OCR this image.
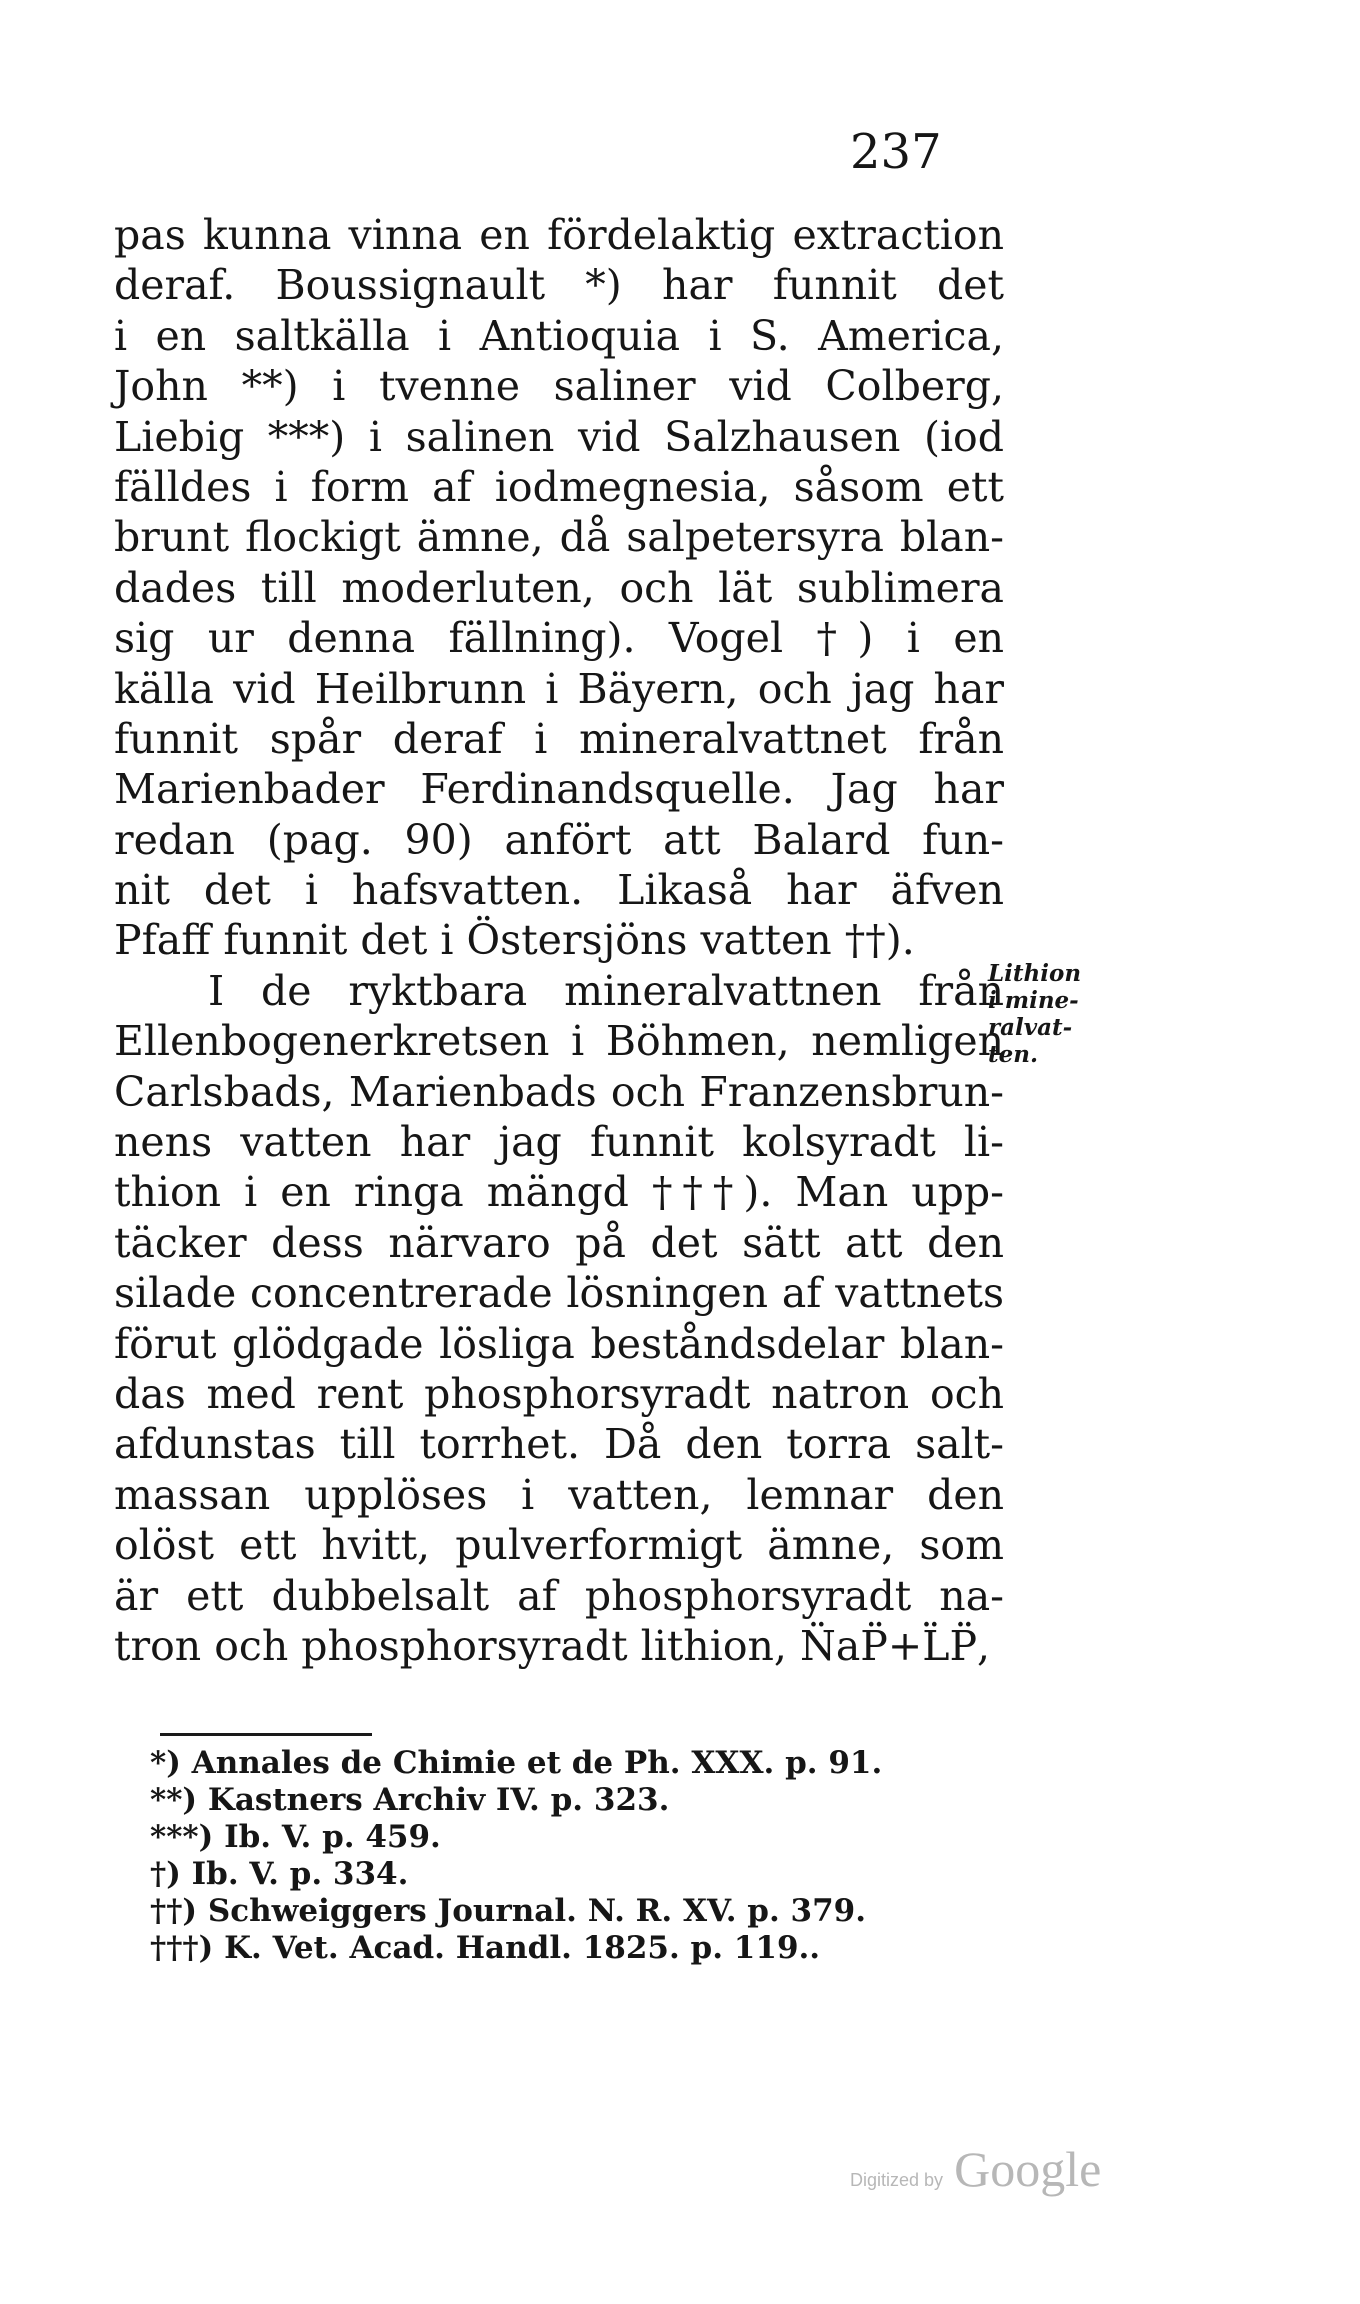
237
pas kunna vinna en fördelaktig extraction
deraf. Boussignault *) har funnit det
i en saltkälla i Antioquia i S. America,
John **) i tvenne saliner vid Colberg,
Liebig ***) i salinen vid Salzhausen (iod
fälldes i form af iodmegnesia, såsom ett
brunt flockigt ämne, då salpetersyra blan-
dades till moderluten, och lät sublimera
sig ur denna fällning). Vogel †) i en
källa vid Heilbrunn i Bäyern, och jag har
funnit spår deraf i mineralvattnet från
Marienbader Ferdinandsquelle. Jag har
redan (pag. 90) anfört att Balard fun-
nit det i hafsvatten. Likaså har äfven
Pfaff funnit det i Östersjöns vatten ††).
I de ryktbara mineralvattnen från
Ellenbogenerkretsen i Böhmen, nemligen
Carlsbads, Marienbads och Franzensbrun-
nens vatten har jag funnit kolsyradt li-
thion i en ringa mängd †††). Man upp-
täcker dess närvaro på det sätt att den
silade concentrerade lösningen af vattnets
förut glödgade lösliga beståndsdelar blan-
das med rent phosphorsyradt natron och
afdunstas till torrhet. Då den torra salt-
massan upplöses i vatten, lemnar den
olöst ett hvitt, pulverformigt ämne, som
är ett dubbelsalt af phosphorsyradt na-
tron och phosphorsyradt lithion, N̈aP̈+L̈P̈,
Lithion
i mine-
ralvat-
ten.
*) Annales de Chimie et de Ph. XXX. p. 91.
**) Kastners Archiv IV. p. 323.
***) Ib. V. p. 459.
†) Ib. V. p. 334.
††) Schweiggers Journal. N. R. XV. p. 379.
†††) K. Vet. Acad. Handl. 1825. p. 119..
Digitized by Google
